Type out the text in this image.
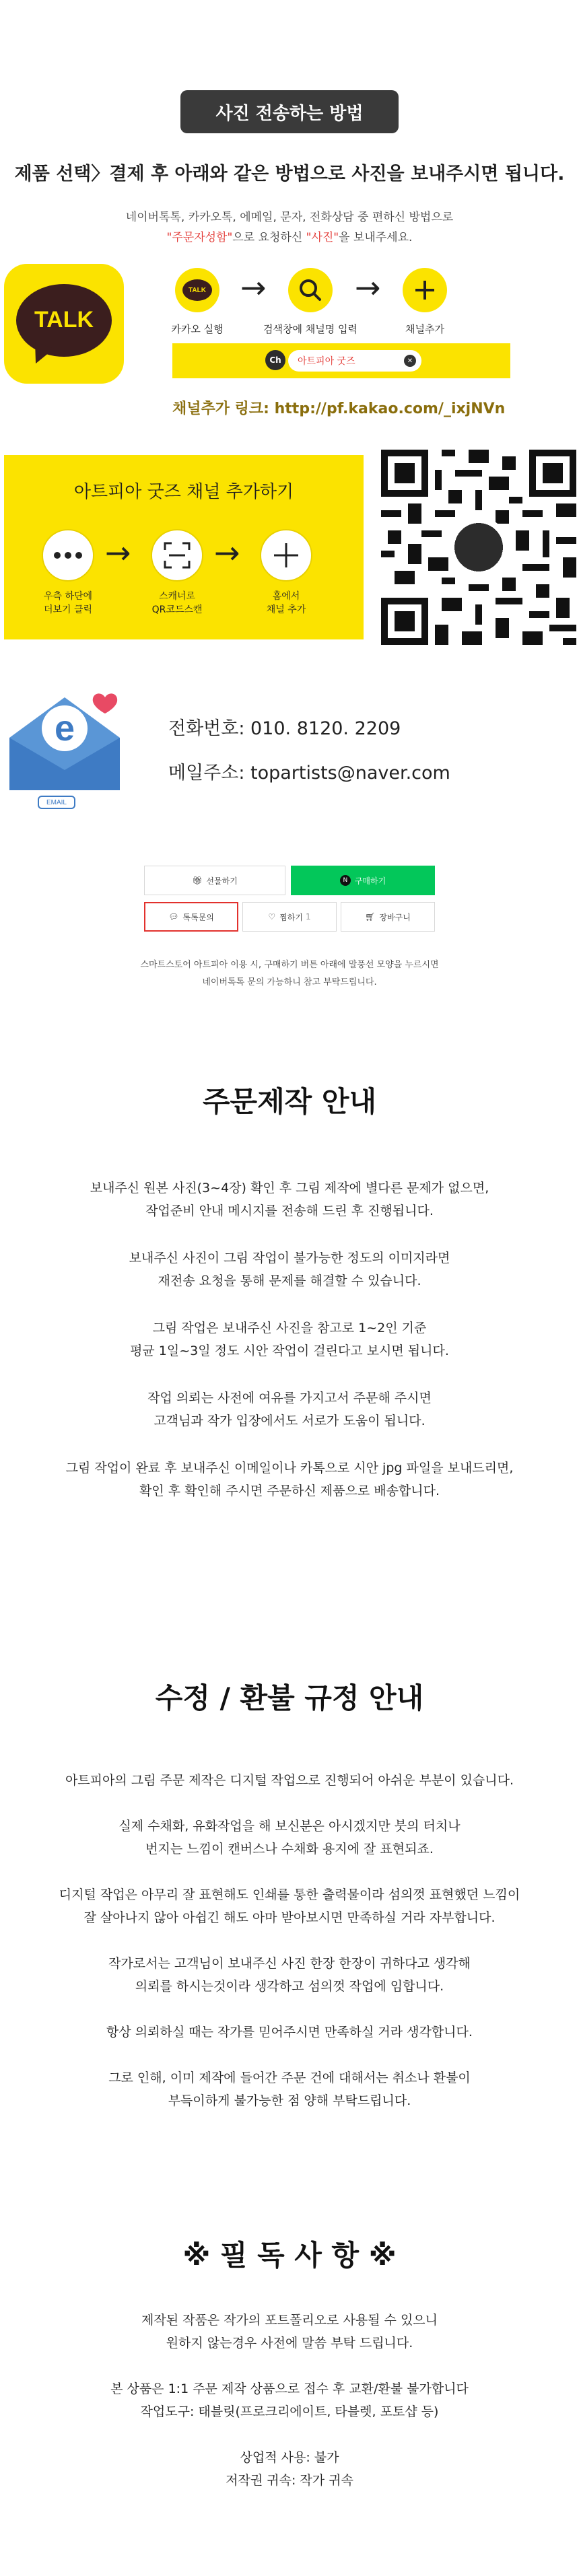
사진 전송하는 방법
제품 선택〉결제 후 아래와 같은 방법으로 사진을 보내주시면 됩니다.
네이버톡톡, 카카오톡, 에메일, 문자, 전화상담 중 편하신 방법으로
"주문자성함"으로 요청하신 "사진"을 보내주세요.
TALK
TALK
카카오 실행
→
검색창에 채널명 입력
→
채널추가
Ch	아트피아 굿즈	✕
채널추가 링크: http://pf.kakao.com/_ixjNVn
아트피아 굿즈 채널 추가하기
→	→
우측 하단에
더보기 클릭
스캐너로
QR코드스캔
홈에서
채널 추가
e
EMAIL
전화번호: 010. 8120. 2209
메일주소: topartists@naver.com
🎁︎ 선물하기	N 구매하기
💬︎ 톡톡문의	♡ 찜하기 1	🛒︎ 장바구니
스마트스토어 아트피아 이용 시, 구매하기 버튼 아래에 말풍선 모양을 누르시면
네이버톡톡 문의 가능하니 참고 부탁드립니다.
주문제작 안내
보내주신 원본 사진(3~4장) 확인 후 그림 제작에 별다른 문제가 없으면,
작업준비 안내 메시지를 전송해 드린 후 진행됩니다.
보내주신 사진이 그림 작업이 불가능한 정도의 이미지라면
재전송 요청을 통해 문제를 해결할 수 있습니다.
그림 작업은 보내주신 사진을 참고로 1~2인 기준
평균 1일~3일 정도 시안 작업이 걸린다고 보시면 됩니다.
작업 의뢰는 사전에 여유를 가지고서 주문해 주시면
고객님과 작가 입장에서도 서로가 도움이 됩니다.
그림 작업이 완료 후 보내주신 이메일이나 카톡으로 시안 jpg 파일을 보내드리면,
확인 후 확인해 주시면 주문하신 제품으로 배송합니다.
수정 / 환불 규정 안내
아트피아의 그림 주문 제작은 디지털 작업으로 진행되어 아쉬운 부분이 있습니다.
실제 수채화, 유화작업을 해 보신분은 아시겠지만 붓의 터치나
번지는 느낌이 캔버스나 수채화 용지에 잘 표현되죠.
디지털 작업은 아무리 잘 표현해도 인쇄를 통한 출력물이라 섬의껏 표현했던 느낌이
잘 살아나지 않아 아쉽긴 해도 아마 받아보시면 만족하실 거라 자부합니다.
작가로서는 고객님이 보내주신 사진 한장 한장이 귀하다고 생각해
의뢰를 하시는것이라 생각하고 섬의껏 작업에 임합니다.
항상 의뢰하실 때는 작가를 믿어주시면 만족하실 거라 생각합니다.
그로 인해, 이미 제작에 들어간 주문 건에 대해서는 취소나 환불이
부득이하게 불가능한 점 양해 부탁드립니다.
※ 필 독 사 항 ※
제작된 작품은 작가의 포트폴리오로 사용될 수 있으니
원하지 않는경우 사전에 말씀 부탁 드립니다.
본 상품은 1:1 주문 제작 상품으로 접수 후 교환/환불 불가합니다
작업도구: 태블릿(프로크리에이트, 타블렛, 포토샵 등)
상업적 사용: 불가
저작권 귀속: 작가 귀속
